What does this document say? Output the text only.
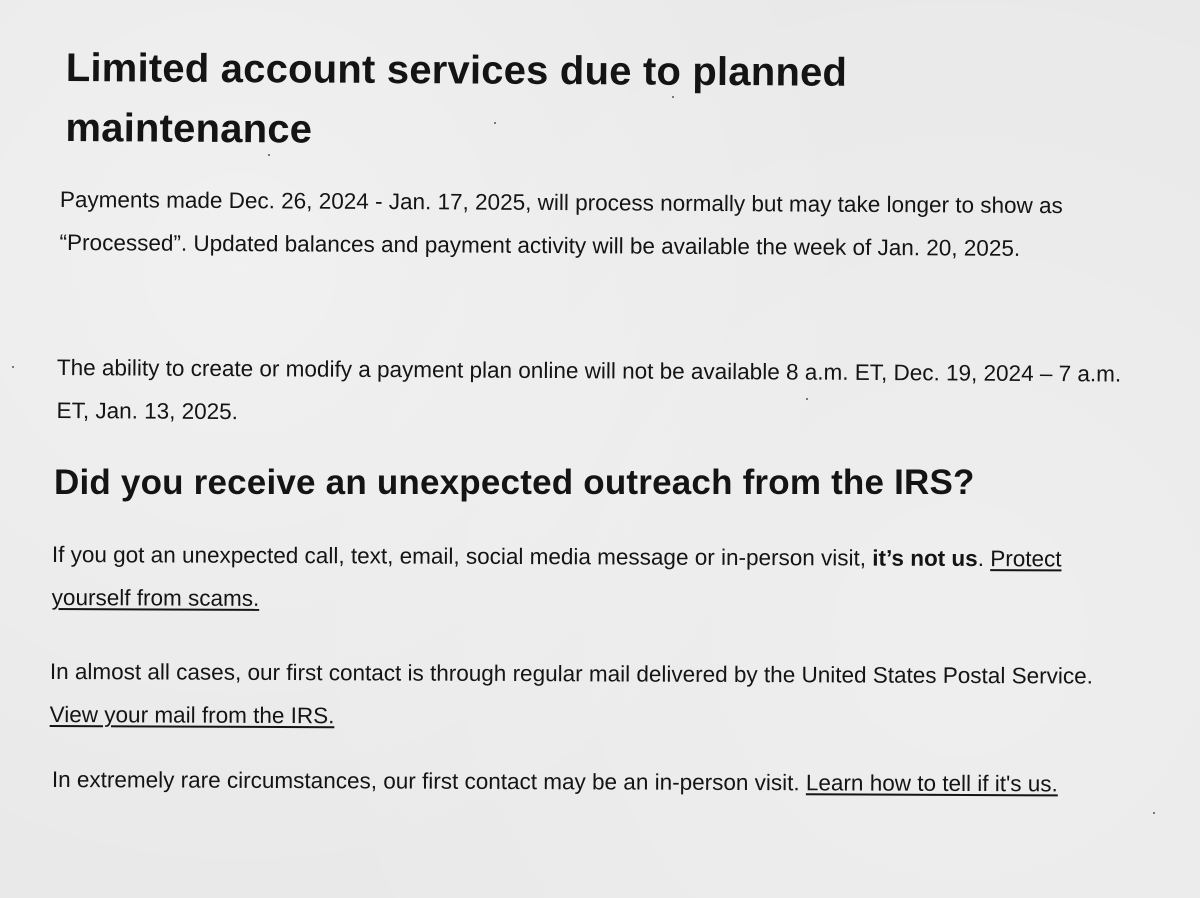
Limited account services due to planned maintenance

Payments made Dec. 26, 2024 - Jan. 17, 2025, will process normally but may take longer to show as “Processed”. Updated balances and payment activity will be available the week of Jan. 20, 2025.

The ability to create or modify a payment plan online will not be available 8 a.m. ET, Dec. 19, 2024 – 7 a.m. ET, Jan. 13, 2025.

Did you receive an unexpected outreach from the IRS?

If you got an unexpected call, text, email, social media message or in-person visit, it’s not us. Protect yourself from scams.

In almost all cases, our first contact is through regular mail delivered by the United States Postal Service. View your mail from the IRS.

In extremely rare circumstances, our first contact may be an in-person visit. Learn how to tell if it's us.
